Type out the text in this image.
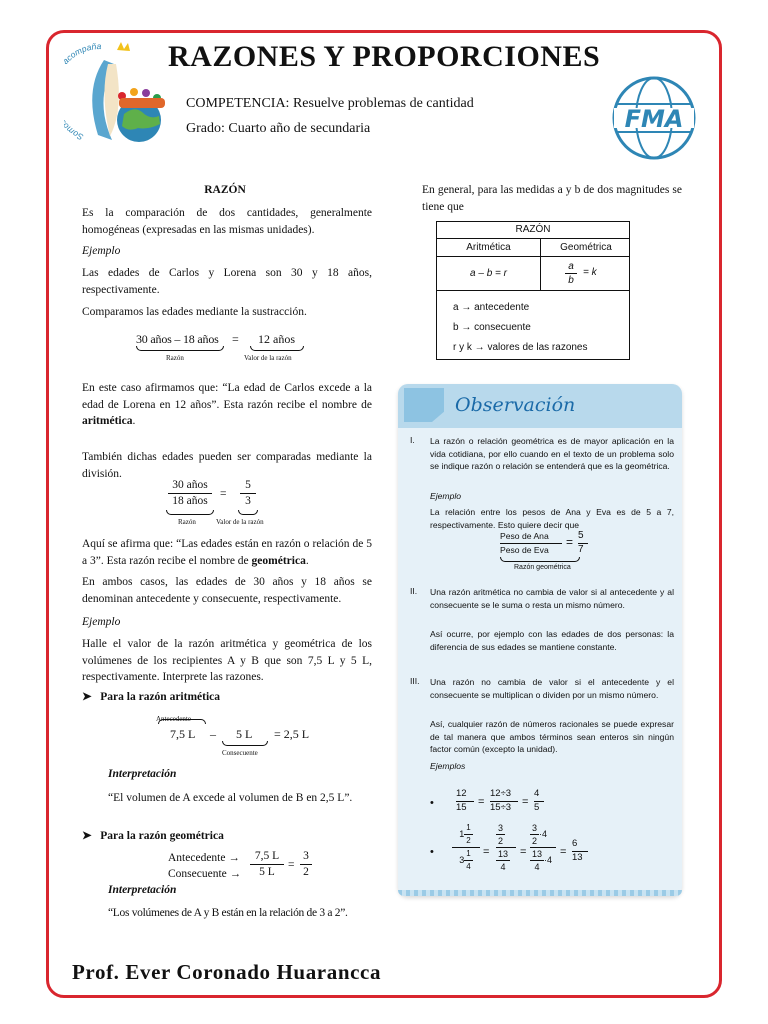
Som compaña RAZONES Y PROPORCIONES
COMPETENCIA: Resuelve problemas de cantidad
Grado: Cuarto año de secundaria	FMA
RAZÓN
Es la comparación de dos cantidades, generalmente homogéneas (expresadas en las mismas unidades).
Ejemplo
Las edades de Carlos y Lorena son 30 y 18 años, respectivamente.
Comparamos las edades mediante la sustracción.
30 años – 18 años = 12 años
Razón	Valor de la razón
En este caso afirmamos que: “La edad de Carlos excede a la edad de Lorena en 12 años”. Esta razón recibe el nombre de aritmética.
También dichas edades pueden ser comparadas mediante la división.
30 años
18 años
= $\frac{5}{3}$
Razón	Valor de la razón
Aquí se afirma que: “Las edades están en razón o relación de 5 a 3”. Esta razón recibe el nombre de geométrica.
En ambos casos, las edades de 30 años y 18 años se denominan antecedente y consecuente, respectivamente.
Ejemplo
Halle el valor de la razón aritmética y geométrica de los volúmenes de los recipientes A y B que son 7,5 L y 5 L, respectivamente. Interprete las razones.
➤   Para la razón aritmética
Antecedente
7,5 L – 5 L = 2,5 L
Consecuente
Interpretación
“El volumen de A excede al volumen de B en 2,5 L”.
➤   Para la razón geométrica
Antecedente →
Consecuente → $\frac{7,5 L}{5 L} = \frac{3}{2}$
Interpretación
“Los volúmenes de A y B están en la relación de 3 a 2”.
En general, para las medidas a y b de dos magnitudes se tiene que
RAZÓN
Aritmética	Geométrica
a – b = r	$\frac{a}{b} = k$
a → antecedente
b → consecuente
r y k → valores de las razones
Observación
I. La razón o relación geométrica es de mayor aplicación en la vida cotidiana, por ello cuando en el texto de un problema solo se indique razón o relación se entenderá que es la geométrica.
Ejemplo
La relación entre los pesos de Ana y Eva es de 5 a 7, respectivamente. Esto quiere decir que
Peso de Ana
Peso de Eva
= $\frac{5}{7}$
Razón geométrica
II. Una razón aritmética no cambia de valor si al antecedente y al consecuente se le suma o resta un mismo número.
Así ocurre, por ejemplo con las edades de dos personas: la diferencia de sus edades se mantiene constante.
III. Una razón no cambia de valor si el antecedente y el consecuente se multiplican o dividen por un mismo número.
Así, cualquier razón de números racionales se puede expresar de tal manera que ambos términos sean enteros sin ningún factor común (excepto la unidad).
Ejemplos
•
12
15	=
12÷3
15÷3 =
4
5
•
$1 \frac{1}{2}$
$3 \frac{1}{4}$ =
$\frac{3}{2}$
$\frac{13}{4}$ =
$\frac{3}{2} \cdot 4$
$\frac{13}{4} \cdot 4$
=
6
13
Prof. Ever Coronado Huarancca
